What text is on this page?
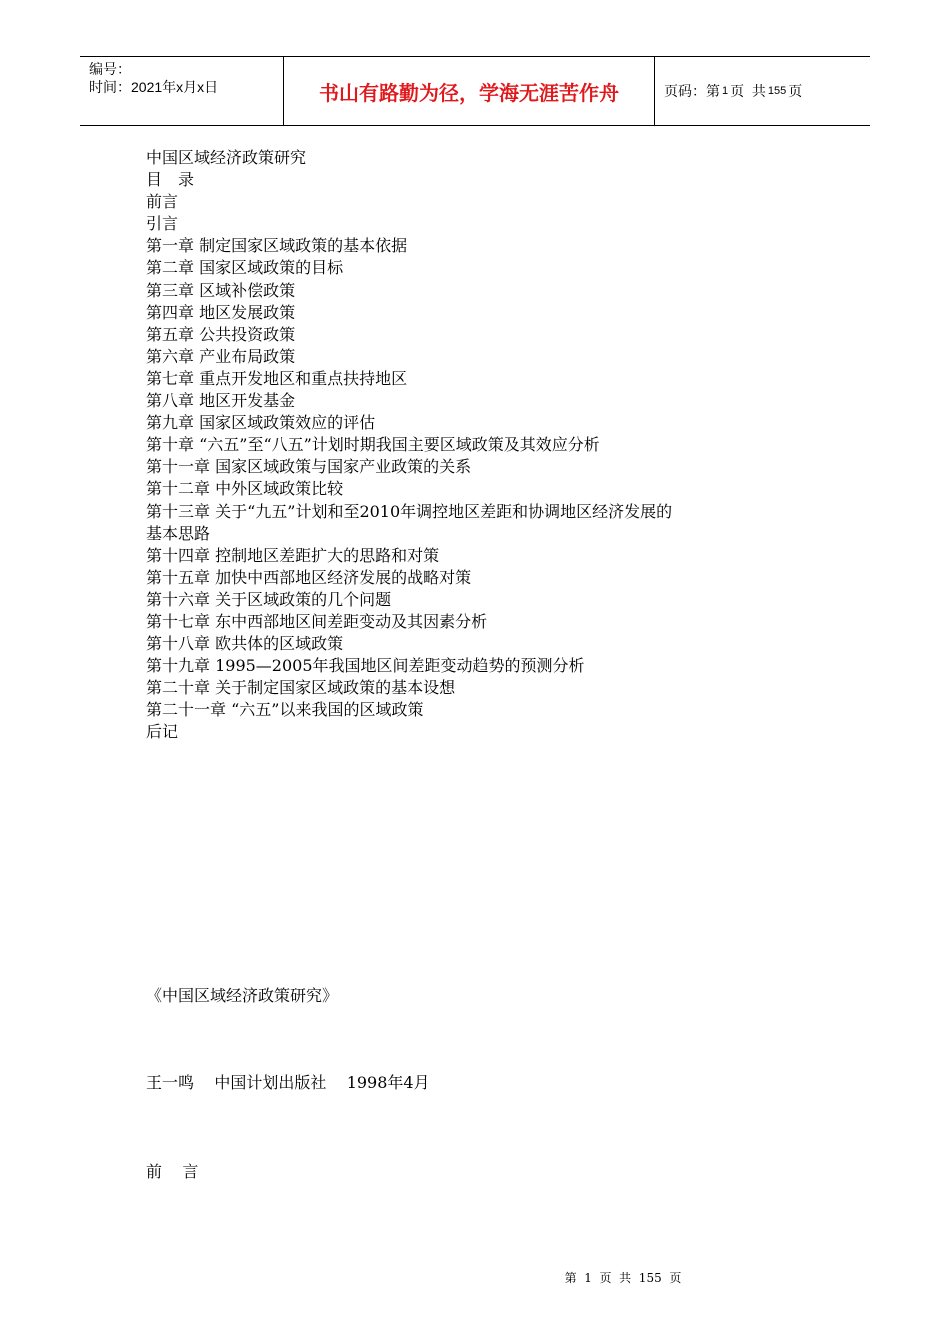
编号：
时间：2021年x月x日	书山有路勤为径，学海无涯苦作舟	页码：第 1 页  共 155 页
中国区域经济政策研究
目　录
前言
引言
第一章 制定国家区域政策的基本依据
第二章 国家区域政策的目标
第三章 区域补偿政策
第四章 地区发展政策
第五章 公共投资政策
第六章 产业布局政策
第七章 重点开发地区和重点扶持地区
第八章 地区开发基金
第九章 国家区域政策效应的评估
第十章 “六五”至“八五”计划时期我国主要区域政策及其效应分析
第十一章 国家区域政策与国家产业政策的关系
第十二章 中外区域政策比较
第十三章 关于“九五”计划和至2010年调控地区差距和协调地区经济发展的
基本思路
第十四章 控制地区差距扩大的思路和对策
第十五章 加快中西部地区经济发展的战略对策
第十六章 关于区域政策的几个问题
第十七章 东中西部地区间差距变动及其因素分析
第十八章 欧共体的区域政策
第十九章 1995—2005年我国地区间差距变动趋势的预测分析
第二十章 关于制定国家区域政策的基本设想
第二十一章 “六五”以来我国的区域政策
后记
《中国区域经济政策研究》
王一鸣    中国计划出版社    1998年4月
前    言
第  1  页  共  155  页
